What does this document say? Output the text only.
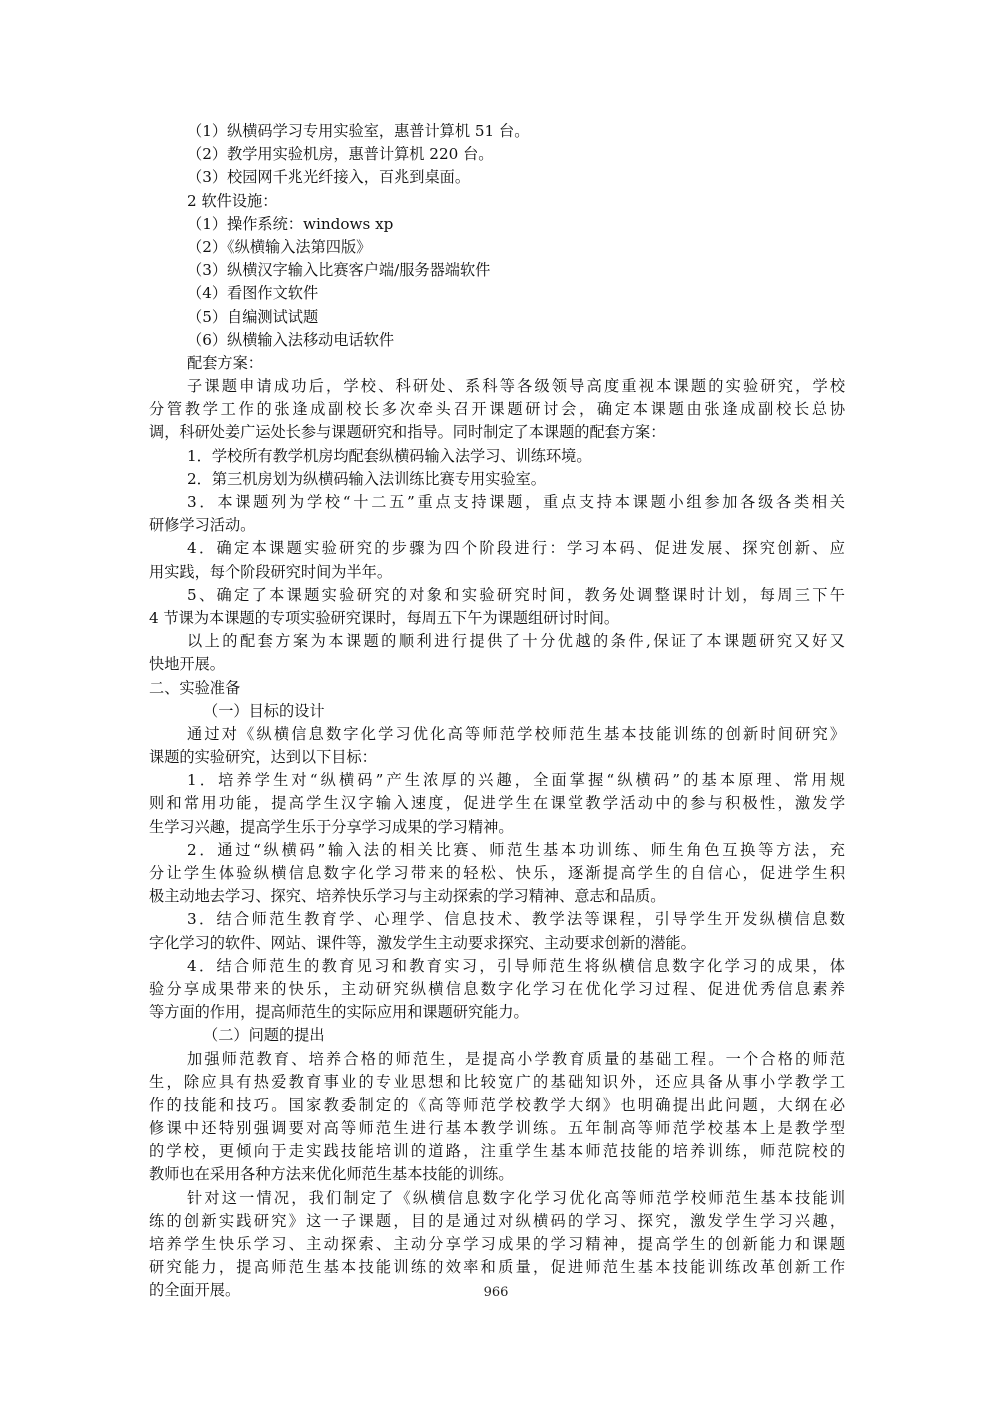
（1）纵横码学习专用实验室，惠普计算机 51 台。
（2）教学用实验机房，惠普计算机 220 台。
（3）校园网千兆光纤接入，百兆到桌面。
2 软件设施：
（1）操作系统：windows xp
（2）《纵横输入法第四版》
（3）纵横汉字输入比赛客户端/服务器端软件
（4）看图作文软件
（5）自编测试试题
（6）纵横输入法移动电话软件
配套方案：
子课题申请成功后，学校、科研处、系科等各级领导高度重视本课题的实验研究，学校
分管教学工作的张逢成副校长多次牵头召开课题研讨会，确定本课题由张逢成副校长总协
调，科研处姜广运处长参与课题研究和指导。同时制定了本课题的配套方案：
1．学校所有教学机房均配套纵横码输入法学习、训练环境。
2．第三机房划为纵横码输入法训练比赛专用实验室。
3．本课题列为学校“十二五”重点支持课题，重点支持本课题小组参加各级各类相关
研修学习活动。
4．确定本课题实验研究的步骤为四个阶段进行：学习本码、促进发展、探究创新、应
用实践，每个阶段研究时间为半年。
5、确定了本课题实验研究的对象和实验研究时间，教务处调整课时计划，每周三下午
4 节课为本课题的专项实验研究课时，每周五下午为课题组研讨时间。
以上的配套方案为本课题的顺利进行提供了十分优越的条件,保证了本课题研究又好又
快地开展。
二、实验准备
（一）目标的设计
通过对《纵横信息数字化学习优化高等师范学校师范生基本技能训练的创新时间研究》
课题的实验研究，达到以下目标：
1．培养学生对“纵横码”产生浓厚的兴趣，全面掌握“纵横码”的基本原理、常用规
则和常用功能，提高学生汉字输入速度，促进学生在课堂教学活动中的参与积极性，激发学
生学习兴趣，提高学生乐于分享学习成果的学习精神。
2．通过“纵横码”输入法的相关比赛、师范生基本功训练、师生角色互换等方法，充
分让学生体验纵横信息数字化学习带来的轻松、快乐，逐渐提高学生的自信心，促进学生积
极主动地去学习、探究、培养快乐学习与主动探索的学习精神、意志和品质。
3．结合师范生教育学、心理学、信息技术、教学法等课程，引导学生开发纵横信息数
字化学习的软件、网站、课件等，激发学生主动要求探究、主动要求创新的潜能。
4．结合师范生的教育见习和教育实习，引导师范生将纵横信息数字化学习的成果，体
验分享成果带来的快乐，主动研究纵横信息数字化学习在优化学习过程、促进优秀信息素养
等方面的作用，提高师范生的实际应用和课题研究能力。
（二）问题的提出
加强师范教育、培养合格的师范生，是提高小学教育质量的基础工程。一个合格的师范
生，除应具有热爱教育事业的专业思想和比较宽广的基础知识外，还应具备从事小学教学工
作的技能和技巧。国家教委制定的《高等师范学校教学大纲》也明确提出此问题，大纲在必
修课中还特别强调要对高等师范生进行基本教学训练。五年制高等师范学校基本上是教学型
的学校，更倾向于走实践技能培训的道路，注重学生基本师范技能的培养训练，师范院校的
教师也在采用各种方法来优化师范生基本技能的训练。
针对这一情况，我们制定了《纵横信息数字化学习优化高等师范学校师范生基本技能训
练的创新实践研究》这一子课题，目的是通过对纵横码的学习、探究，激发学生学习兴趣，
培养学生快乐学习、主动探索、主动分享学习成果的学习精神，提高学生的创新能力和课题
研究能力，提高师范生基本技能训练的效率和质量，促进师范生基本技能训练改革创新工作
的全面开展。	966
